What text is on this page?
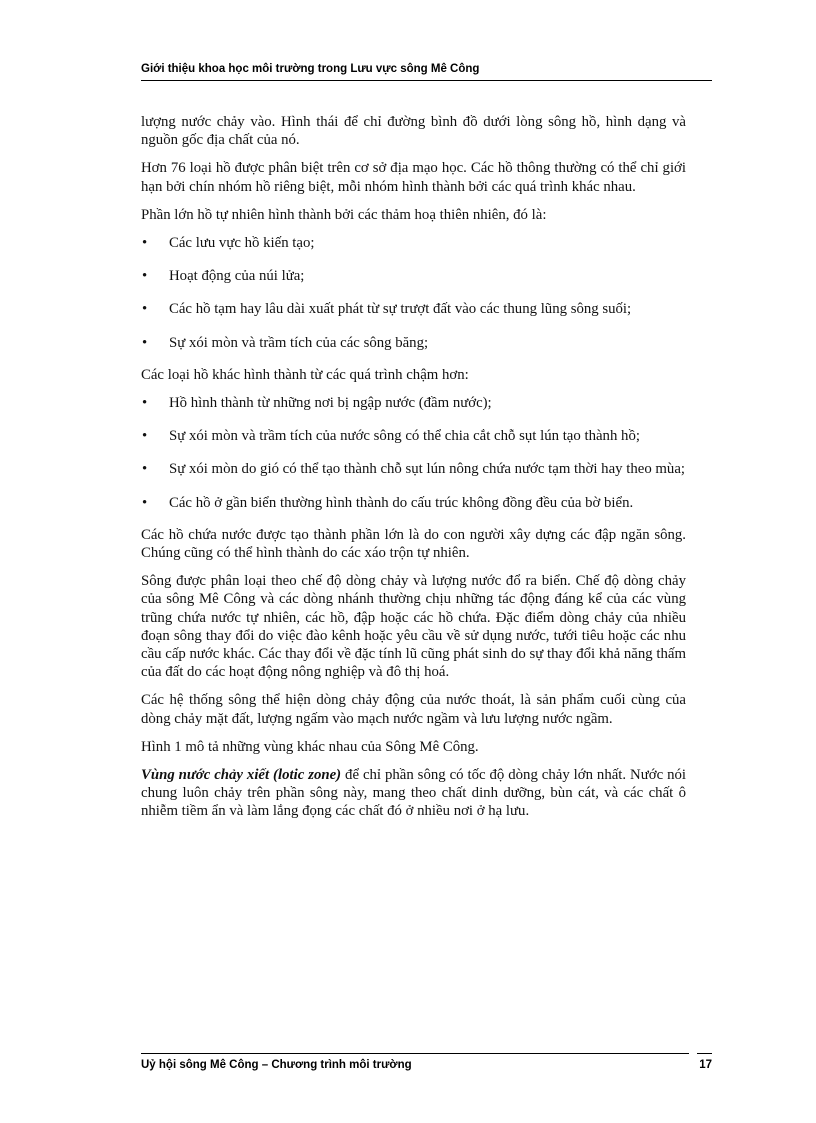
Giới thiệu khoa học môi trường trong Lưu vực sông Mê Công

lượng nước chảy vào. Hình thái để chỉ đường bình đồ dưới lòng sông hồ, hình dạng và nguồn gốc địa chất của nó.

Hơn 76 loại hồ được phân biệt trên cơ sở địa mạo học. Các hồ thông thường có thể chỉ giới hạn bởi chín nhóm hồ riêng biệt, mỗi nhóm hình thành bởi các quá trình khác nhau.

Phần lớn hồ tự nhiên hình thành bởi các thảm hoạ thiên nhiên, đó là:

• Các lưu vực hồ kiến tạo;
• Hoạt động của núi lửa;
• Các hồ tạm hay lâu dài xuất phát từ sự trượt đất vào các thung lũng sông suối;
• Sự xói mòn và trầm tích của các sông băng;

Các loại hồ khác hình thành từ các quá trình chậm hơn:

• Hồ hình thành từ những nơi bị ngập nước (đầm nước);
• Sự xói mòn và trầm tích của nước sông có thể chia cắt chỗ sụt lún tạo thành hồ;
• Sự xói mòn do gió có thể tạo thành chỗ sụt lún nông chứa nước tạm thời hay theo mùa;
• Các hồ ở gần biển thường hình thành do cấu trúc không đồng đều của bờ biển.

Các hồ chứa nước được tạo thành phần lớn là do con người xây dựng các đập ngăn sông. Chúng cũng có thể hình thành do các xáo trộn tự nhiên.

Sông được phân loại theo chế độ dòng chảy và lượng nước đổ ra biển. Chế độ dòng chảy của sông Mê Công và các dòng nhánh thường chịu những tác động đáng kể của các vùng trũng chứa nước tự nhiên, các hồ, đập hoặc các hồ chứa. Đặc điểm dòng chảy của nhiều đoạn sông thay đổi do việc đào kênh hoặc yêu cầu về sử dụng nước, tưới tiêu hoặc các nhu cầu cấp nước khác. Các thay đổi về đặc tính lũ cũng phát sinh do sự thay đổi khả năng thấm của đất do các hoạt động nông nghiệp và đô thị hoá.

Các hệ thống sông thể hiện dòng chảy động của nước thoát, là sản phẩm cuối cùng của dòng chảy mặt đất, lượng ngấm vào mạch nước ngầm và lưu lượng nước ngầm.

Hình 1 mô tả những vùng khác nhau của Sông Mê Công.

Vùng nước chảy xiết (lotic zone) để chỉ phần sông có tốc độ dòng chảy lớn nhất. Nước nói chung luôn chảy trên phần sông này, mang theo chất dinh dưỡng, bùn cát, và các chất ô nhiễm tiềm ẩn và làm lắng đọng các chất đó ở nhiều nơi ở hạ lưu.

Uỷ hội sông Mê Công – Chương trình môi trường	17
